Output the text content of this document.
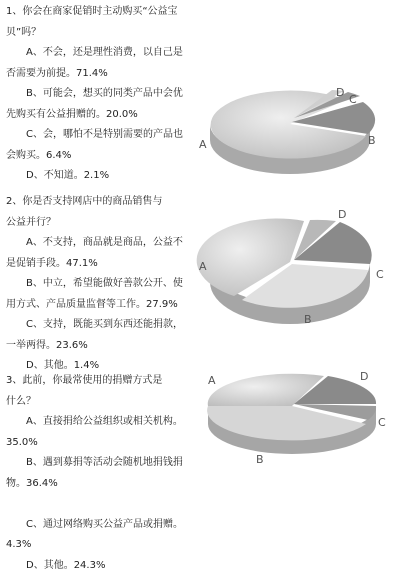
1、你会在商家促销时主动购买“公益宝

贝”吗？

A、不会，还是理性消费，以自己是

否需要为前提。71.4%

B、可能会，想买的同类产品中会优

先购买有公益捐赠的。20.0%

C、会，哪怕不是特别需要的产品也

会购买。6.4%

D、不知道。2.1%

A	B
C
D

2、你是否支持网店中的商品销售与

公益并行？

A、不支持，商品就是商品，公益不

是促销手段。47.1%

B、中立，希望能做好善款公开、使

用方式、产品质量监督等工作。27.9%

C、支持，既能买到东西还能捐款，

一举两得。23.6%

D、其他。1.4%

A
B
C
D

3、此前，你最常使用的捐赠方式是

什么？

A、直接捐给公益组织或相关机构。

35.0%

B、遇到募捐等活动会随机地捐钱捐

物。36.4%

C、通过网络购买公益产品或捐赠。

4.3%

D、其他。24.3%

A
B
C
D
